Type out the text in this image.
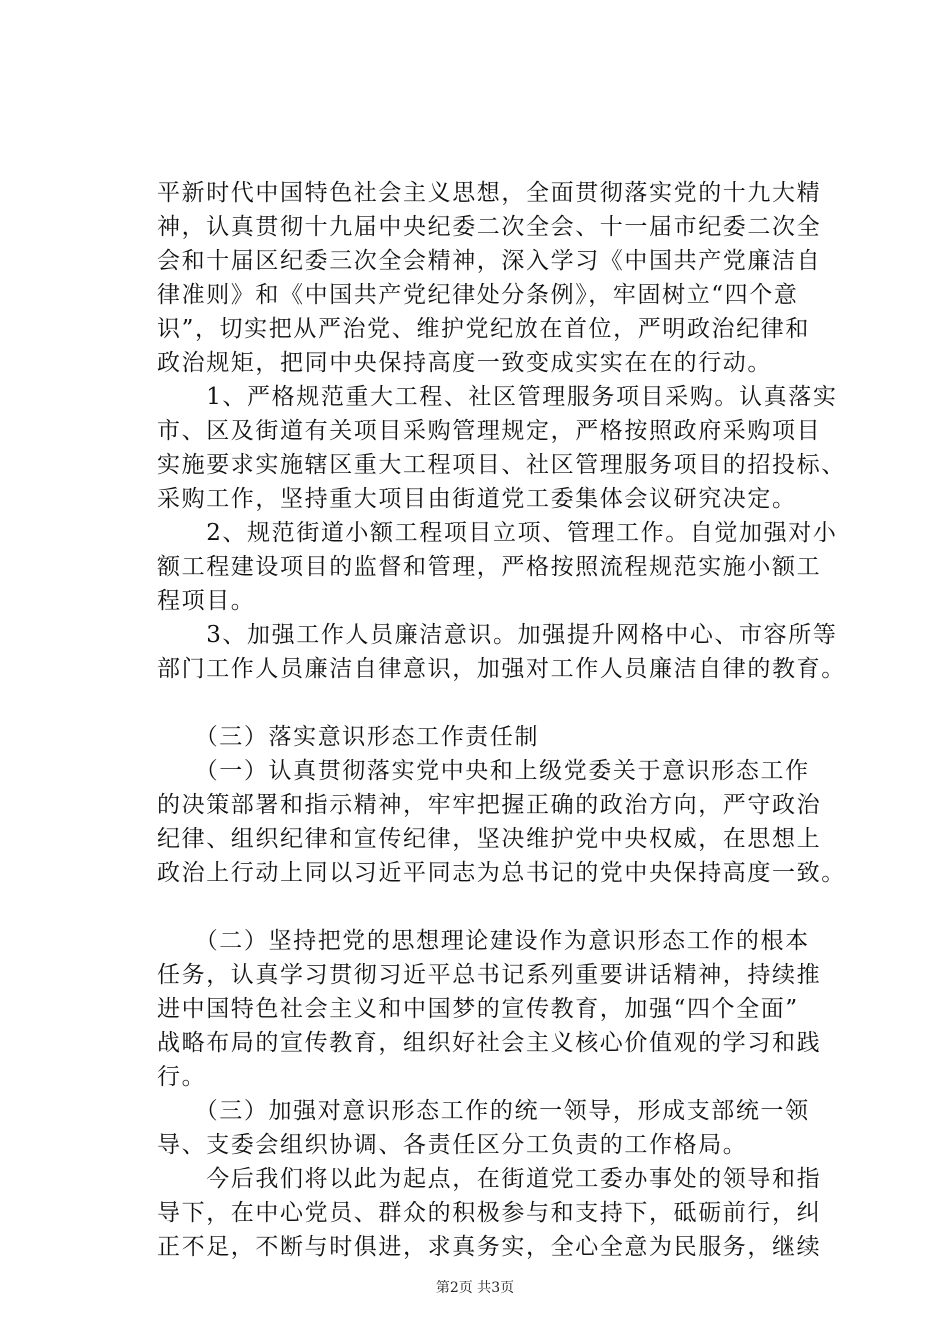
平新时代中国特色社会主义思想，全面贯彻落实党的十九大精
神，认真贯彻十九届中央纪委二次全会、十一届市纪委二次全
会和十届区纪委三次全会精神，深入学习《中国共产党廉洁自
律准则》和《中国共产党纪律处分条例》，牢固树立“四个意
识”，切实把从严治党、维护党纪放在首位，严明政治纪律和
政治规矩，把同中央保持高度一致变成实实在在的行动。
　　1、严格规范重大工程、社区管理服务项目采购。认真落实
市、区及街道有关项目采购管理规定，严格按照政府采购项目
实施要求实施辖区重大工程项目、社区管理服务项目的招投标、
采购工作，坚持重大项目由街道党工委集体会议研究决定。
　　2、规范街道小额工程项目立项、管理工作。自觉加强对小
额工程建设项目的监督和管理，严格按照流程规范实施小额工
程项目。
　　3、加强工作人员廉洁意识。加强提升网格中心、市容所等
部门工作人员廉洁自律意识，加强对工作人员廉洁自律的教育。
　　（三）落实意识形态工作责任制
　　（一）认真贯彻落实党中央和上级党委关于意识形态工作
的决策部署和指示精神，牢牢把握正确的政治方向，严守政治
纪律、组织纪律和宣传纪律，坚决维护党中央权威，在思想上
政治上行动上同以习近平同志为总书记的党中央保持高度一致。
　　（二）坚持把党的思想理论建设作为意识形态工作的根本
任务，认真学习贯彻习近平总书记系列重要讲话精神，持续推
进中国特色社会主义和中国梦的宣传教育，加强“四个全面”
战略布局的宣传教育，组织好社会主义核心价值观的学习和践
行。
　　（三）加强对意识形态工作的统一领导，形成支部统一领
导、支委会组织协调、各责任区分工负责的工作格局。
　　今后我们将以此为起点，在街道党工委办事处的领导和指
导下，在中心党员、群众的积极参与和支持下，砥砺前行，纠
正不足，不断与时俱进，求真务实，全心全意为民服务，继续
第2页 共3页
